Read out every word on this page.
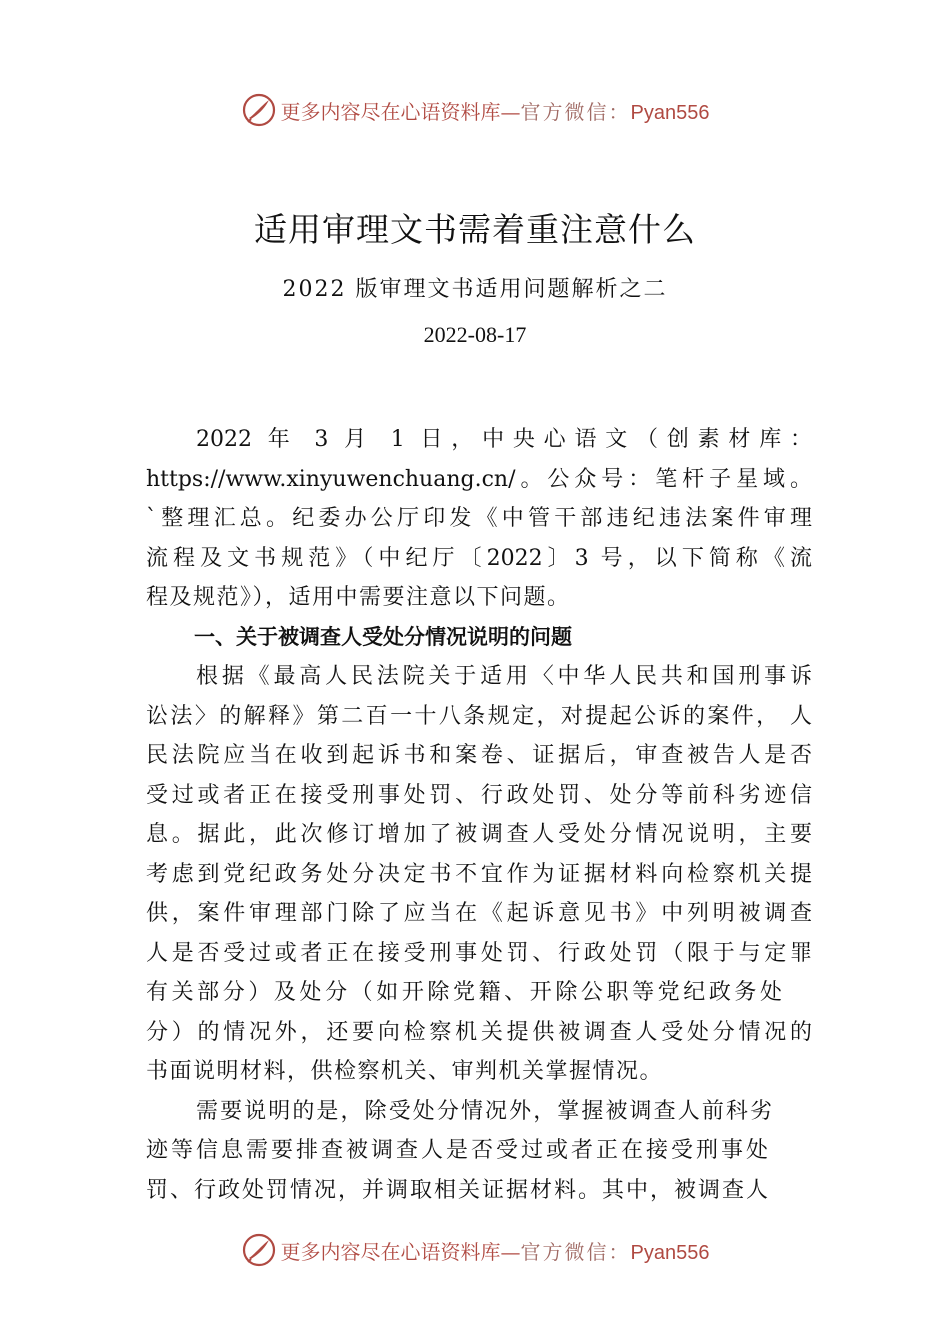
更多内容尽在心语资料库—官方微信：Pyan556
适用审理文书需着重注意什么
2022 版审理文书适用问题解析之二
2022-08-17
2022 年 3 月 1 日，中央心语文（创素材库：
https://www.xinyuwenchuang.cn/。公众号：笔杆子星域。
`整理汇总。纪委办公厅印发《中管干部违纪违法案件审理
流程及文书规范》（中纪厅〔2022〕3 号，以下简称《流
程及规范》），适用中需要注意以下问题。
一、关于被调查人受处分情况说明的问题
根据《最高人民法院关于适用〈中华人民共和国刑事诉
讼法〉的解释》第二百一十八条规定，对提起公诉的案件， 人
民法院应当在收到起诉书和案卷、证据后，审查被告人是否
受过或者正在接受刑事处罚、行政处罚、处分等前科劣迹信
息。据此，此次修订增加了被调查人受处分情况说明，主要
考虑到党纪政务处分决定书不宜作为证据材料向检察机关提
供，案件审理部门除了应当在《起诉意见书》中列明被调查
人是否受过或者正在接受刑事处罚、行政处罚（限于与定罪
有关部分）及处分（如开除党籍、开除公职等党纪政务处
分）的情况外，还要向检察机关提供被调查人受处分情况的
书面说明材料，供检察机关、审判机关掌握情况。
需要说明的是，除受处分情况外，掌握被调查人前科劣
迹等信息需要排查被调查人是否受过或者正在接受刑事处
罚、行政处罚情况，并调取相关证据材料。其中，被调查人
更多内容尽在心语资料库—官方微信：Pyan556
